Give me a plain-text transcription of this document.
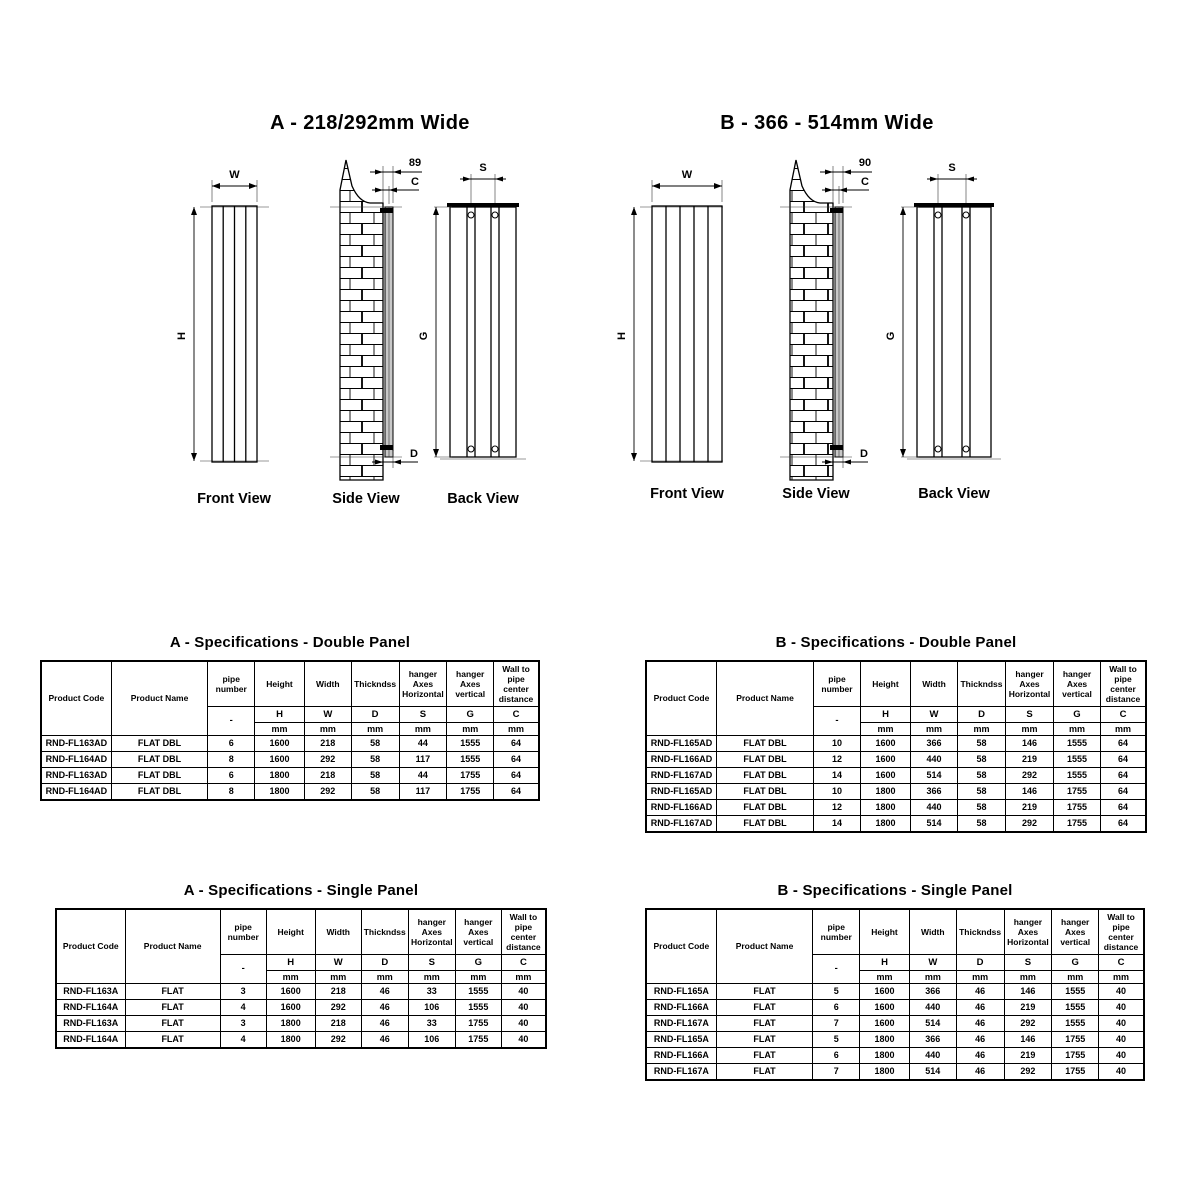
A - 218/292mm Wide	B - 366 - 514mm Wide
W
H
89
C
D
S
G
Front View	Side View	Back View
W
H
90
C
D
S
G
Front View	Side View	Back View
A - Specifications - Double Panel
Product Code	Product Name	pipe number	Height	Width	Thickndss	hanger Axes Horizontal	hanger Axes vertical	Wall to pipe center distance
		-	H	W	D	S	G	C
			mm	mm	mm	mm	mm	mm
RND-FL163AD	FLAT DBL	6	1600	218	58	44	1555	64
RND-FL164AD	FLAT DBL	8	1600	292	58	117	1555	64
RND-FL163AD	FLAT DBL	6	1800	218	58	44	1755	64
RND-FL164AD	FLAT DBL	8	1800	292	58	117	1755	64
B - Specifications - Double Panel
Product Code	Product Name	pipe number	Height	Width	Thickndss	hanger Axes Horizontal	hanger Axes vertical	Wall to pipe center distance
		-	H	W	D	S	G	C
			mm	mm	mm	mm	mm	mm
RND-FL165AD	FLAT DBL	10	1600	366	58	146	1555	64
RND-FL166AD	FLAT DBL	12	1600	440	58	219	1555	64
RND-FL167AD	FLAT DBL	14	1600	514	58	292	1555	64
RND-FL165AD	FLAT DBL	10	1800	366	58	146	1755	64
RND-FL166AD	FLAT DBL	12	1800	440	58	219	1755	64
RND-FL167AD	FLAT DBL	14	1800	514	58	292	1755	64
A - Specifications - Single Panel
Product Code	Product Name	pipe number	Height	Width	Thickndss	hanger Axes Horizontal	hanger Axes vertical	Wall to pipe center distance
		-	H	W	D	S	G	C
			mm	mm	mm	mm	mm	mm
RND-FL163A	FLAT	3	1600	218	46	33	1555	40
RND-FL164A	FLAT	4	1600	292	46	106	1555	40
RND-FL163A	FLAT	3	1800	218	46	33	1755	40
RND-FL164A	FLAT	4	1800	292	46	106	1755	40
B - Specifications - Single Panel
Product Code	Product Name	pipe number	Height	Width	Thickndss	hanger Axes Horizontal	hanger Axes vertical	Wall to pipe center distance
		-	H	W	D	S	G	C
			mm	mm	mm	mm	mm	mm
RND-FL165A	FLAT	5	1600	366	46	146	1555	40
RND-FL166A	FLAT	6	1600	440	46	219	1555	40
RND-FL167A	FLAT	7	1600	514	46	292	1555	40
RND-FL165A	FLAT	5	1800	366	46	146	1755	40
RND-FL166A	FLAT	6	1800	440	46	219	1755	40
RND-FL167A	FLAT	7	1800	514	46	292	1755	40
